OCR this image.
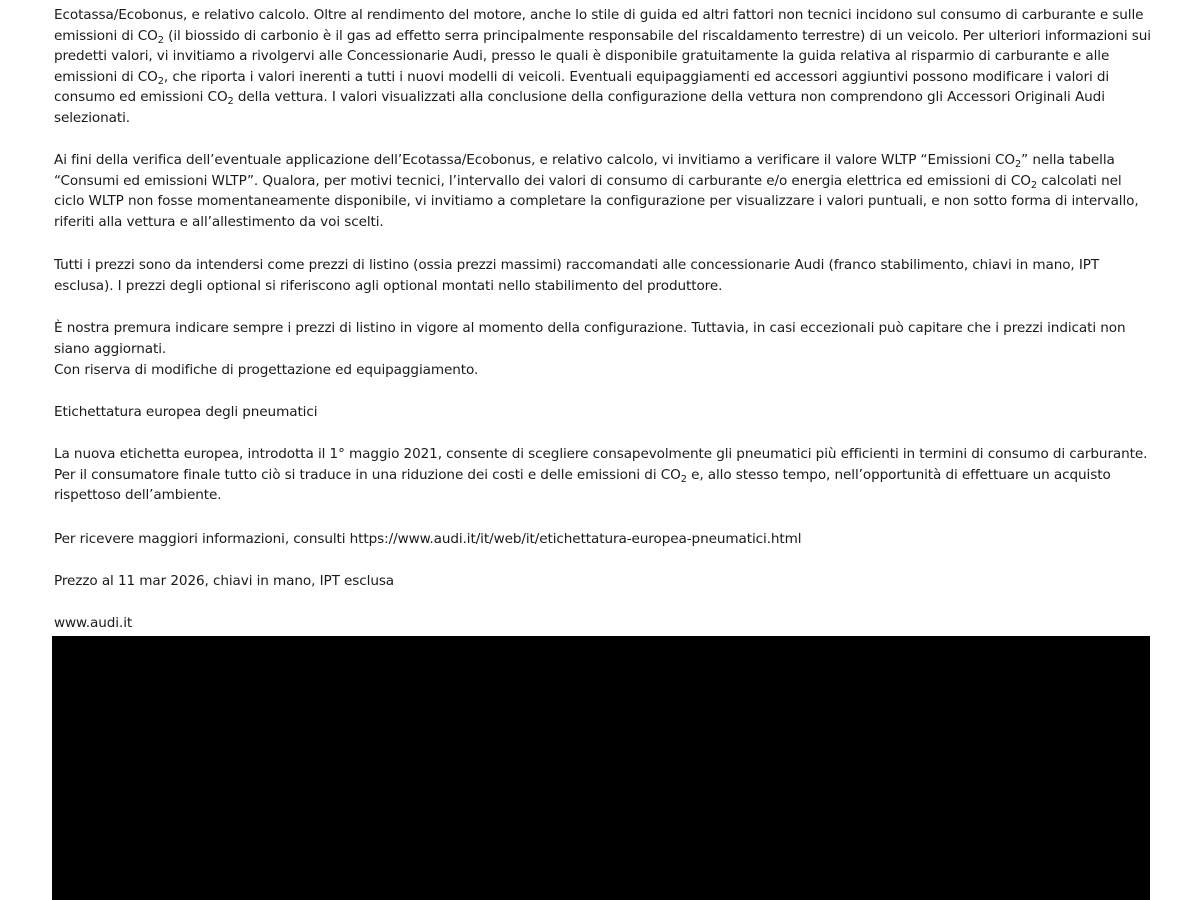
Ecotassa/Ecobonus, e relativo calcolo. Oltre al rendimento del motore, anche lo stile di guida ed altri fattori non tecnici incidono sul consumo di carburante e sulle emissioni di $CO_2$ (il biossido di carbonio è il gas ad effetto serra principalmente responsabile del riscaldamento terrestre) di un veicolo. Per ulteriori informazioni sui predetti valori, vi invitiamo a rivolgervi alle Concessionarie Audi, presso le quali è disponibile gratuitamente la guida relativa al risparmio di carburante e alle emissioni di $CO_2$, che riporta i valori inerenti a tutti i nuovi modelli di veicoli. Eventuali equipaggiamenti ed accessori aggiuntivi possono modificare i valori di consumo ed emissioni $CO_2$ della vettura. I valori visualizzati alla conclusione della configurazione della vettura non comprendono gli Accessori Originali Audi selezionati.

Ai fini della verifica dell’eventuale applicazione dell’Ecotassa/Ecobonus, e relativo calcolo, vi invitiamo a verificare il valore WLTP “Emissioni $CO_2$” nella tabella “Consumi ed emissioni WLTP”. Qualora, per motivi tecnici, l’intervallo dei valori di consumo di carburante e/o energia elettrica ed emissioni di $CO_2$ calcolati nel ciclo WLTP non fosse momentaneamente disponibile, vi invitiamo a completare la configurazione per visualizzare i valori puntuali, e non sotto forma di intervallo, riferiti alla vettura e all’allestimento da voi scelti.

Tutti i prezzi sono da intendersi come prezzi di listino (ossia prezzi massimi) raccomandati alle concessionarie Audi (franco stabilimento, chiavi in mano, IPT esclusa). I prezzi degli optional si riferiscono agli optional montati nello stabilimento del produttore.

È nostra premura indicare sempre i prezzi di listino in vigore al momento della configurazione. Tuttavia, in casi eccezionali può capitare che i prezzi indicati non siano aggiornati.

Con riserva di modifiche di progettazione ed equipaggiamento.

Etichettatura europea degli pneumatici

La nuova etichetta europea, introdotta il 1° maggio 2021, consente di scegliere consapevolmente gli pneumatici più efficienti in termini di consumo di carburante. Per il consumatore finale tutto ciò si traduce in una riduzione dei costi e delle emissioni di $CO_2$ e, allo stesso tempo, nell’opportunità di effettuare un acquisto rispettoso dell’ambiente.

Per ricevere maggiori informazioni, consulti https://www.audi.it/it/web/it/etichettatura-europea-pneumatici.html

Prezzo al 11 mar 2026, chiavi in mano, IPT esclusa

www.audi.it
